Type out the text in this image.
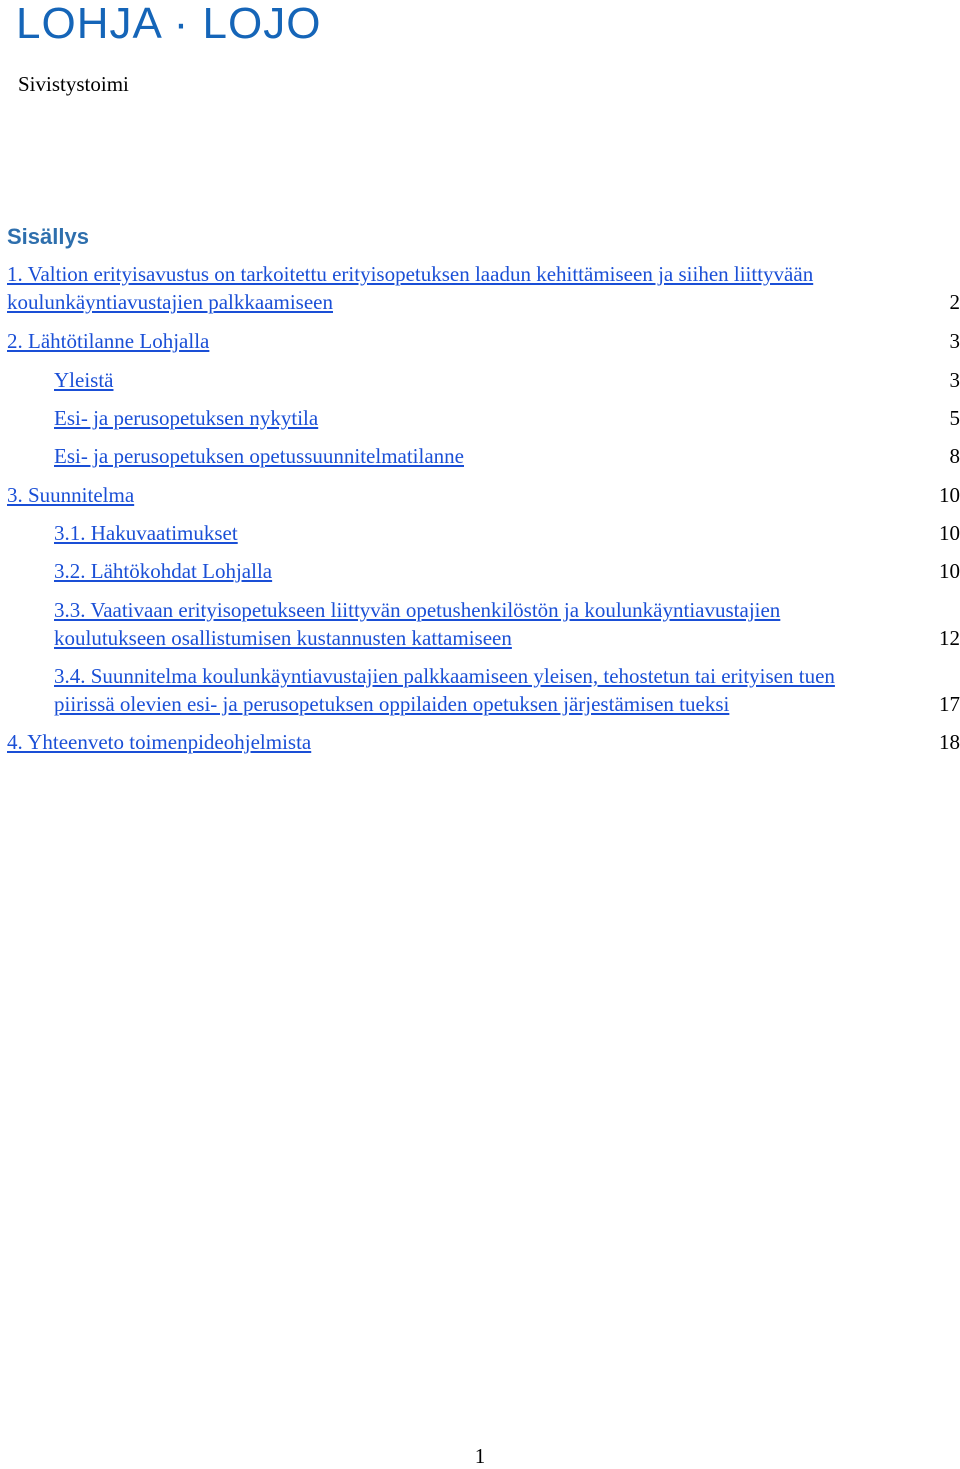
LOHJA · LOJO
Sivistystoimi
Sisällys
1. Valtion erityisavustus on tarkoitettu erityisopetuksen laadun kehittämiseen ja siihen liittyvään
koulunkäyntiavustajien palkkaamiseen	2
2. Lähtötilanne Lohjalla	3
Yleistä	3
Esi- ja perusopetuksen nykytila	5
Esi- ja perusopetuksen opetussuunnitelmatilanne	8
3. Suunnitelma	10
3.1. Hakuvaatimukset	10
3.2. Lähtökohdat Lohjalla	10
3.3. Vaativaan erityisopetukseen liittyvän opetushenkilöstön ja koulunkäyntiavustajien
koulutukseen osallistumisen kustannusten kattamiseen	12
3.4. Suunnitelma koulunkäyntiavustajien palkkaamiseen yleisen, tehostetun tai erityisen tuen
piirissä olevien esi- ja perusopetuksen oppilaiden opetuksen järjestämisen tueksi	17
4. Yhteenveto toimenpideohjelmista	18
1
